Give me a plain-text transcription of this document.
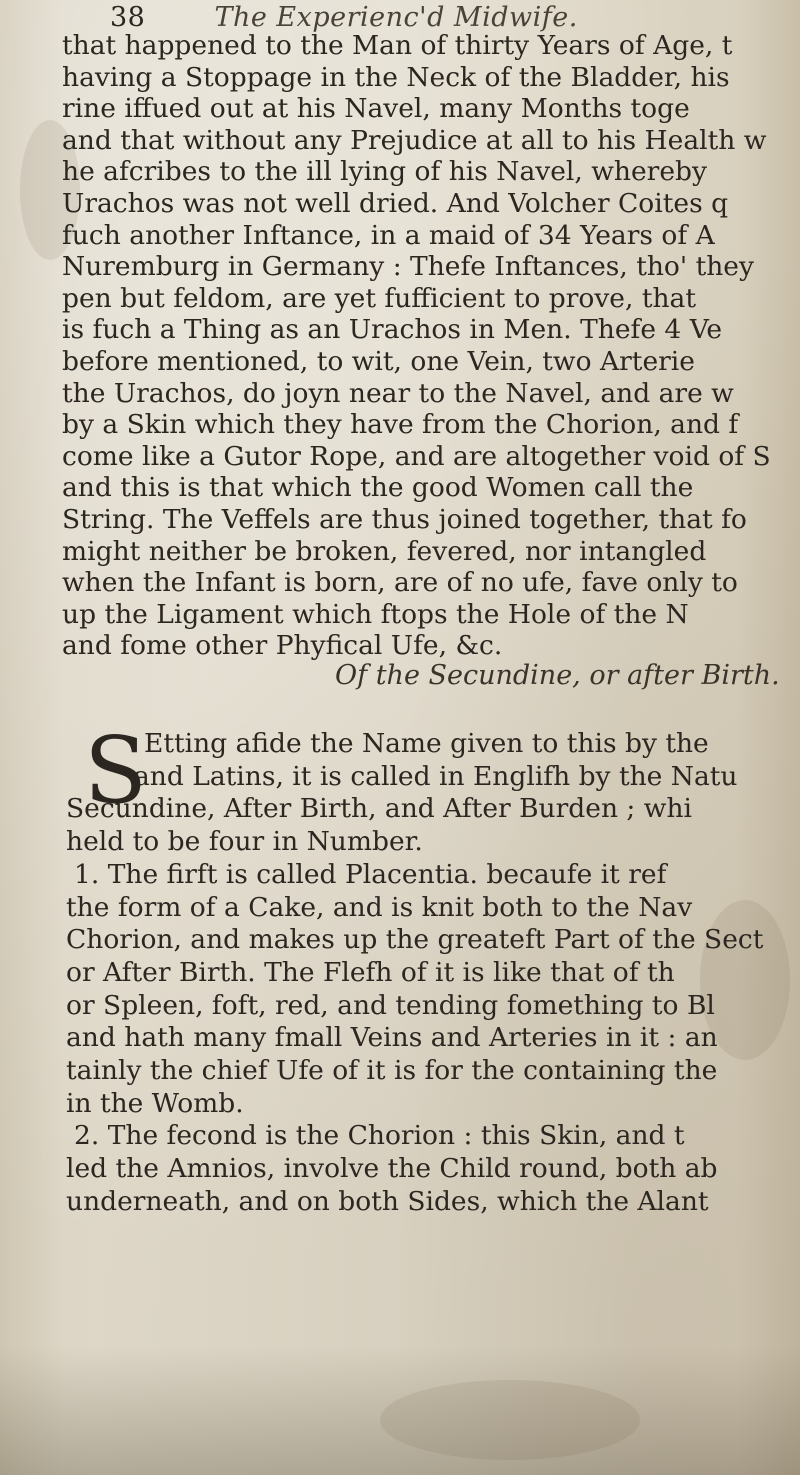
38	The Experienc'd Midwife.
that happened to the Man of thirty Years of Age, t
having a Stoppage in the Neck of the Bladder, his
rine iffued out at his Navel, many Months toge
and that without any Prejudice at all to his Health w
he afcribes to the ill lying of his Navel, whereby
Urachos was not well dried. And Volcher Coites q
fuch another Inftance, in a maid of 34 Years of A
Nuremburg in Germany : Thefe Inftances, tho' they
pen but feldom, are yet fufficient to prove, that
is fuch a Thing as an Urachos in Men. Thefe 4 Ve
before mentioned, to wit, one Vein, two Arterie
the Urachos, do joyn near to the Navel, and are w
by a Skin which they have from the Chorion, and f
come like a Gutor Rope, and are altogether void of S
and this is that which the good Women call the
String. The Veffels are thus joined together, that fo
might neither be broken, fevered, nor intangled
when the Infant is born, are of no ufe, fave only to
up the Ligament which ftops the Hole of the N
and fome other Phyfical Ufe, &c.
Of the Secundine, or after Birth.
S
Etting afide the Name given to this by the
and Latins, it is called in Englifh by the Natu
Secundine, After Birth, and After Burden ; whi
held to be four in Number.
1. The firft is called Placentia. becaufe it ref
the form of a Cake, and is knit both to the Nav
Chorion, and makes up the greateft Part of the Sect
or After Birth. The Flefh of it is like that of th
or Spleen, foft, red, and tending fomething to Bl
and hath many fmall Veins and Arteries in it : an
tainly the chief Ufe of it is for the containing the
in the Womb.
2. The fecond is the Chorion : this Skin, and t
led the Amnios, involve the Child round, both ab
underneath, and on both Sides, which the Alant
